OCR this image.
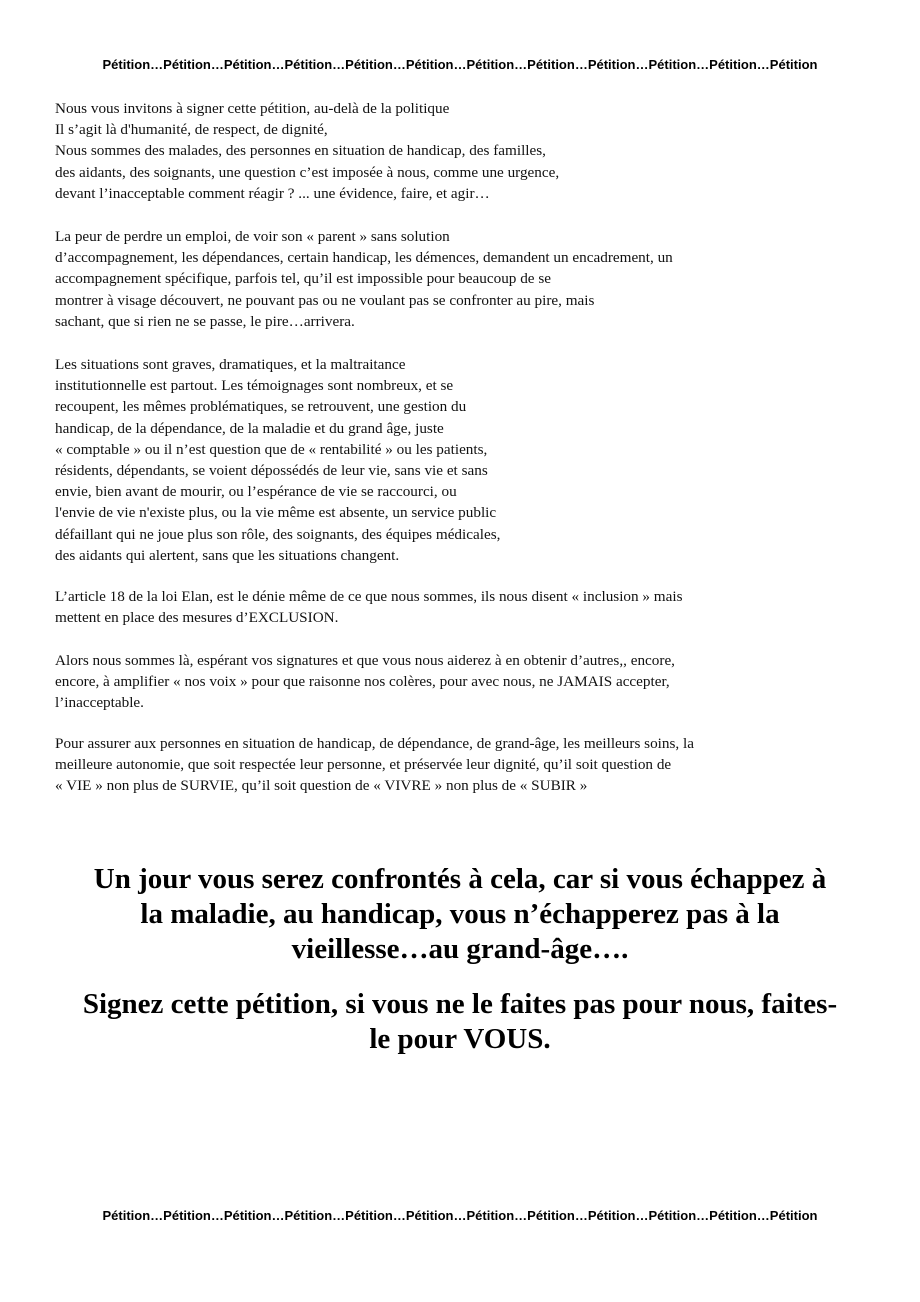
Pétition…Pétition…Pétition…Pétition…Pétition…Pétition…Pétition…Pétition…Pétition…Pétition…Pétition…Pétition
Nous vous invitons à signer cette pétition, au-delà de la politique
Il s’agit là d'humanité, de respect, de dignité,
Nous sommes des malades, des personnes en situation de handicap, des familles,
des aidants, des soignants, une question c’est imposée à nous, comme une urgence,
devant l’inacceptable comment réagir ? ... une évidence, faire, et agir…
La peur de perdre un emploi, de voir son « parent » sans solution
d’accompagnement, les dépendances, certain handicap, les démences, demandent un encadrement, un
accompagnement spécifique, parfois tel, qu’il est impossible pour beaucoup de se
montrer à visage découvert, ne pouvant pas ou ne voulant pas se confronter au pire, mais
sachant, que si rien ne se passe, le pire…arrivera.
Les situations sont graves, dramatiques, et la maltraitance
institutionnelle est partout. Les témoignages sont nombreux, et se
recoupent, les mêmes problématiques, se retrouvent, une gestion du
handicap, de la dépendance, de la maladie et du grand âge, juste
« comptable » ou il n’est question que de « rentabilité » ou les patients,
résidents, dépendants, se voient dépossédés de leur vie, sans vie et sans
envie, bien avant de mourir, ou l’espérance de vie se raccourci, ou
l'envie de vie n'existe plus, ou la vie même est absente, un service public
défaillant qui ne joue plus son rôle, des soignants, des équipes médicales,
des aidants qui alertent, sans que les situations changent.
L’article 18 de la loi Elan, est le dénie même de ce que nous sommes, ils nous disent « inclusion » mais
mettent en place des mesures d’EXCLUSION.
Alors nous sommes là, espérant vos signatures et que vous nous aiderez à en obtenir d’autres,, encore,
encore, à amplifier « nos voix » pour que raisonne nos colères, pour avec nous, ne JAMAIS accepter,
l’inacceptable.
Pour assurer aux personnes en situation de handicap, de dépendance, de grand-âge, les meilleurs soins, la
meilleure autonomie, que soit respectée leur personne, et préservée leur dignité, qu’il soit question de
« VIE » non plus de SURVIE, qu’il soit question de « VIVRE » non plus de « SUBIR »
Un jour vous serez confrontés à cela, car si vous échappez à
la maladie, au handicap, vous n’échapperez pas à la
vieillesse…au grand-âge….
Signez cette pétition, si vous ne le faites pas pour nous, faites-
le pour VOUS.
Pétition…Pétition…Pétition…Pétition…Pétition…Pétition…Pétition…Pétition…Pétition…Pétition…Pétition…Pétition
